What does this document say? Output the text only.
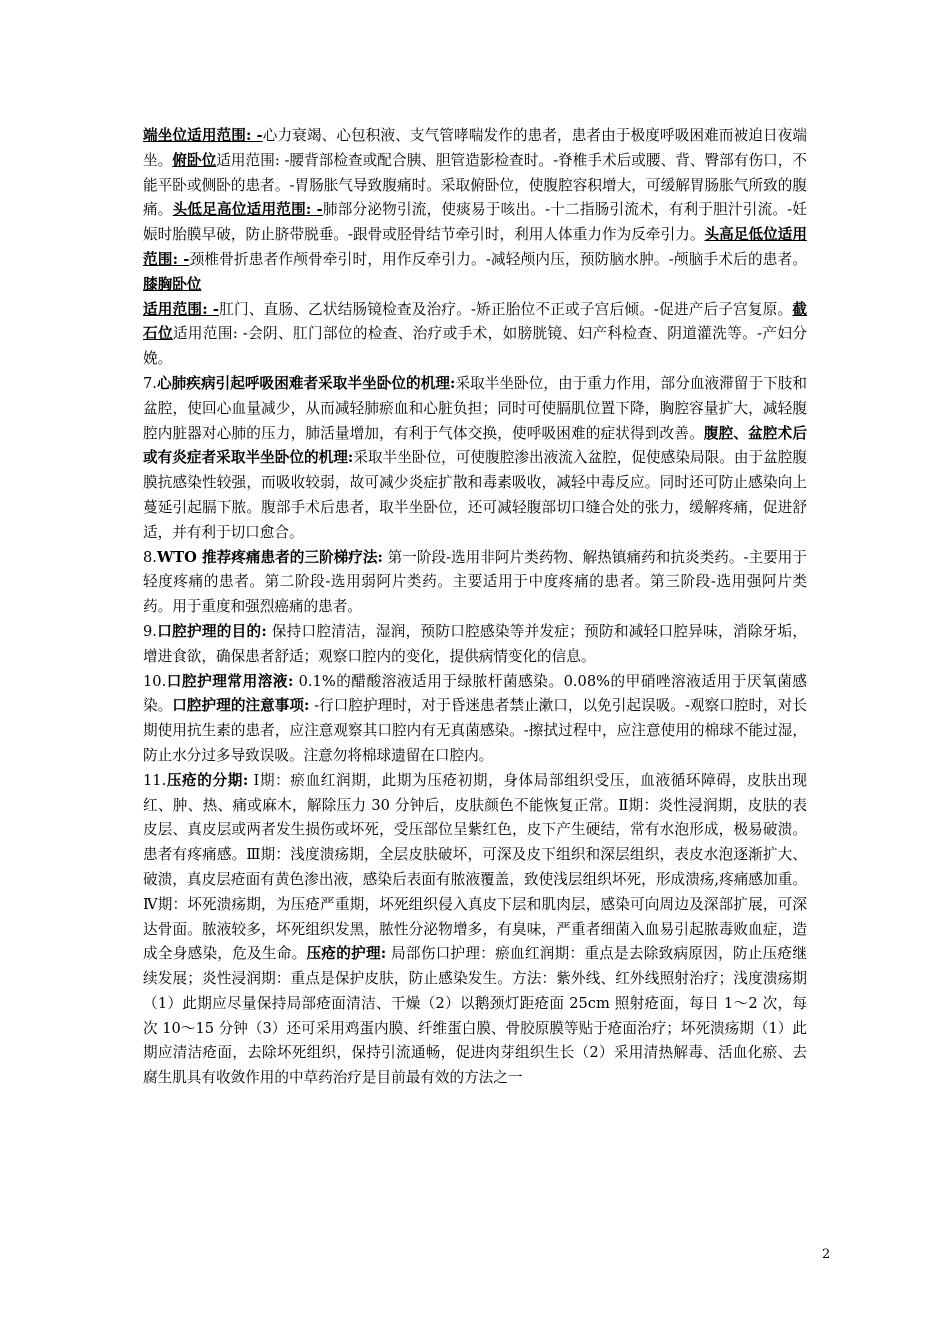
端坐位适用范围: -心力衰竭、心包积液、支气管哮喘发作的患者，患者由于极度呼吸困难而被迫日夜端坐。俯卧位适用范围: -腰背部检查或配合胰、胆管造影检查时。-脊椎手术后或腰、背、臀部有伤口，不能平卧或侧卧的患者。-胃肠胀气导致腹痛时。采取俯卧位，使腹腔容积增大，可缓解胃肠胀气所致的腹痛。头低足高位适用范围: -肺部分泌物引流，使痰易于咳出。-十二指肠引流术，有利于胆汁引流。-妊娠时胎膜早破，防止脐带脱垂。-跟骨或胫骨结节牵引时，利用人体重力作为反牵引力。头高足低位适用范围: -颈椎骨折患者作颅骨牵引时，用作反牵引力。-减轻颅内压，预防脑水肿。-颅脑手术后的患者。膝胸卧位

适用范围: -肛门、直肠、乙状结肠镜检查及治疗。-矫正胎位不正或子宫后倾。-促进产后子宫复原。截石位适用范围: -会阴、肛门部位的检查、治疗或手术，如膀胱镜、妇产科检查、阴道灌洗等。-产妇分娩。

7.心肺疾病引起呼吸困难者采取半坐卧位的机理:采取半坐卧位，由于重力作用，部分血液滞留于下肢和盆腔，使回心血量减少，从而减轻肺瘀血和心脏负担；同时可使膈肌位置下降，胸腔容量扩大，减轻腹腔内脏器对心肺的压力，肺活量增加，有利于气体交换，使呼吸困难的症状得到改善。腹腔、盆腔术后或有炎症者采取半坐卧位的机理:采取半坐卧位，可使腹腔渗出液流入盆腔，促使感染局限。由于盆腔腹膜抗感染性较强，而吸收较弱，故可减少炎症扩散和毒素吸收，减轻中毒反应。同时还可防止感染向上蔓延引起膈下脓。腹部手术后患者，取半坐卧位，还可减轻腹部切口缝合处的张力，缓解疼痛，促进舒适，并有利于切口愈合。

8.WTO 推荐疼痛患者的三阶梯疗法: 第一阶段-选用非阿片类药物、解热镇痛药和抗炎类药。-主要用于轻度疼痛的患者。第二阶段-选用弱阿片类药。主要适用于中度疼痛的患者。第三阶段-选用强阿片类药。用于重度和强烈癌痛的患者。

9.口腔护理的目的: 保持口腔清洁，湿润，预防口腔感染等并发症；预防和减轻口腔异味，消除牙垢，增进食欲，确保患者舒适；观察口腔内的变化，提供病情变化的信息。

10.口腔护理常用溶液: 0.1%的醋酸溶液适用于绿脓杆菌感染。0.08%的甲硝唑溶液适用于厌氧菌感染。口腔护理的注意事项: -行口腔护理时，对于昏迷患者禁止漱口，以免引起误吸。-观察口腔时，对长期使用抗生素的患者，应注意观察其口腔内有无真菌感染。-擦拭过程中，应注意使用的棉球不能过湿，防止水分过多导致误吸。注意勿将棉球遗留在口腔内。

11.压疮的分期: Ⅰ期：瘀血红润期，此期为压疮初期，身体局部组织受压，血液循环障碍，皮肤出现红、肿、热、痛或麻木，解除压力 30 分钟后，皮肤颜色不能恢复正常。Ⅱ期：炎性浸润期，皮肤的表皮层、真皮层或两者发生损伤或坏死，受压部位呈紫红色，皮下产生硬结，常有水泡形成，极易破溃。患者有疼痛感。Ⅲ期：浅度溃疡期，全层皮肤破坏，可深及皮下组织和深层组织，表皮水泡逐渐扩大、破溃，真皮层疮面有黄色渗出液，感染后表面有脓液覆盖，致使浅层组织坏死，形成溃疡,疼痛感加重。Ⅳ期：坏死溃疡期，为压疮严重期，坏死组织侵入真皮下层和肌肉层，感染可向周边及深部扩展，可深达骨面。脓液较多，坏死组织发黑，脓性分泌物增多，有臭味，严重者细菌入血易引起脓毒败血症，造成全身感染，危及生命。压疮的护理: 局部伤口护理：瘀血红润期：重点是去除致病原因，防止压疮继续发展；炎性浸润期：重点是保护皮肤，防止感染发生。方法：紫外线、红外线照射治疗；浅度溃疡期（1）此期应尽量保持局部疮面清洁、干燥（2）以鹅颈灯距疮面 25cm 照射疮面，每日 1～2 次，每次 10～15 分钟（3）还可采用鸡蛋内膜、纤维蛋白膜、骨胶原膜等贴于疮面治疗；坏死溃疡期（1）此期应清洁疮面，去除坏死组织，保持引流通畅，促进肉芽组织生长（2）采用清热解毒、活血化瘀、去腐生肌具有收敛作用的中草药治疗是目前最有效的方法之一

2
